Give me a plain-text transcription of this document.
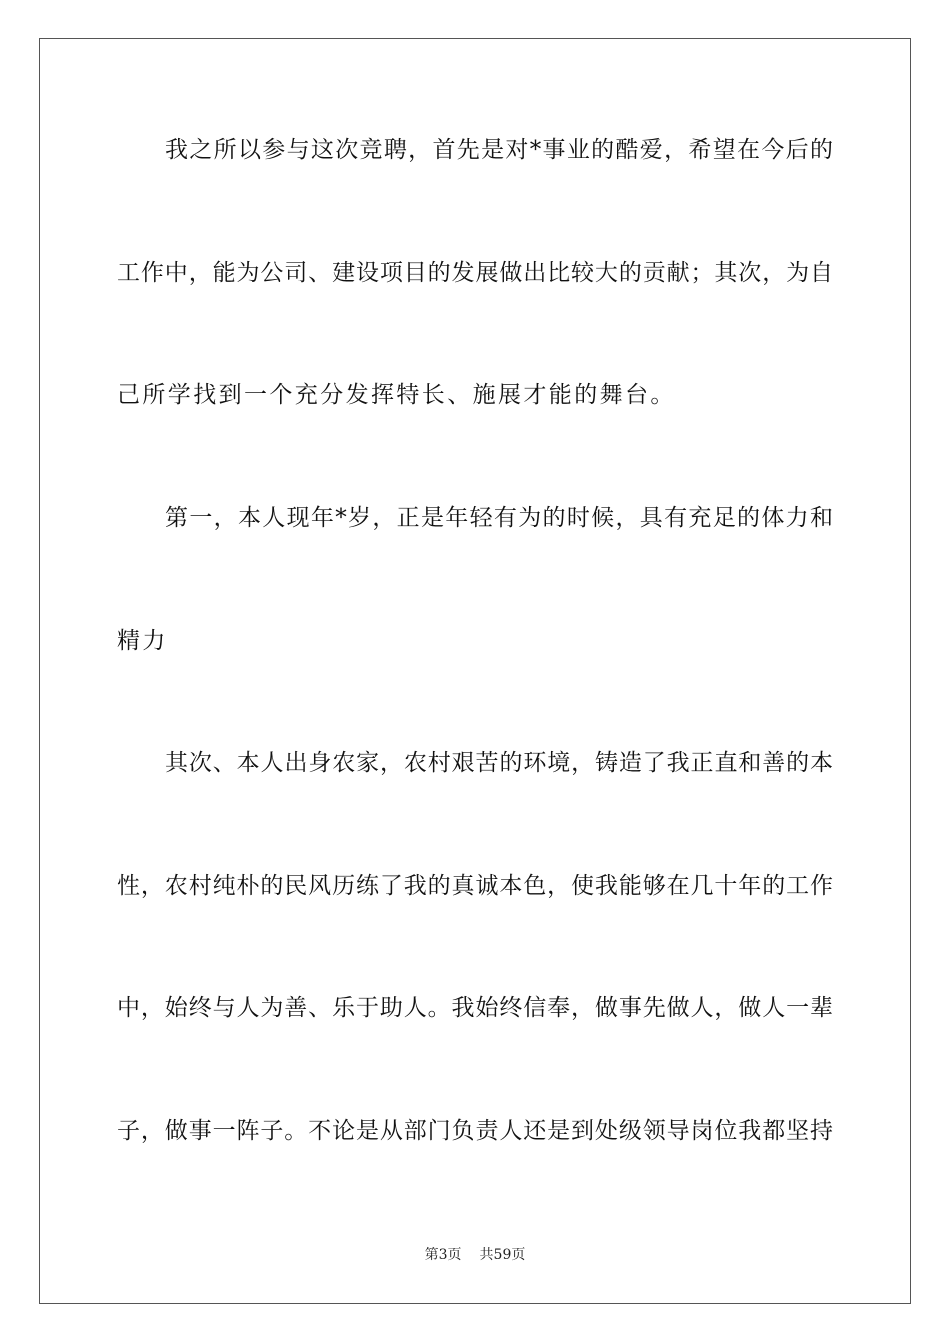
我之所以参与这次竞聘，首先是对*事业的酷爱，希望在今后的
工作中，能为公司、建设项目的发展做出比较大的贡献；其次，为自
己所学找到一个充分发挥特长、施展才能的舞台。
第一，本人现年*岁，正是年轻有为的时候，具有充足的体力和
精力
其次、本人出身农家，农村艰苦的环境，铸造了我正直和善的本
性，农村纯朴的民风历练了我的真诚本色，使我能够在几十年的工作
中，始终与人为善、乐于助人。我始终信奉，做事先做人，做人一辈
子，做事一阵子。不论是从部门负责人还是到处级领导岗位我都坚持
第3页 共59页
